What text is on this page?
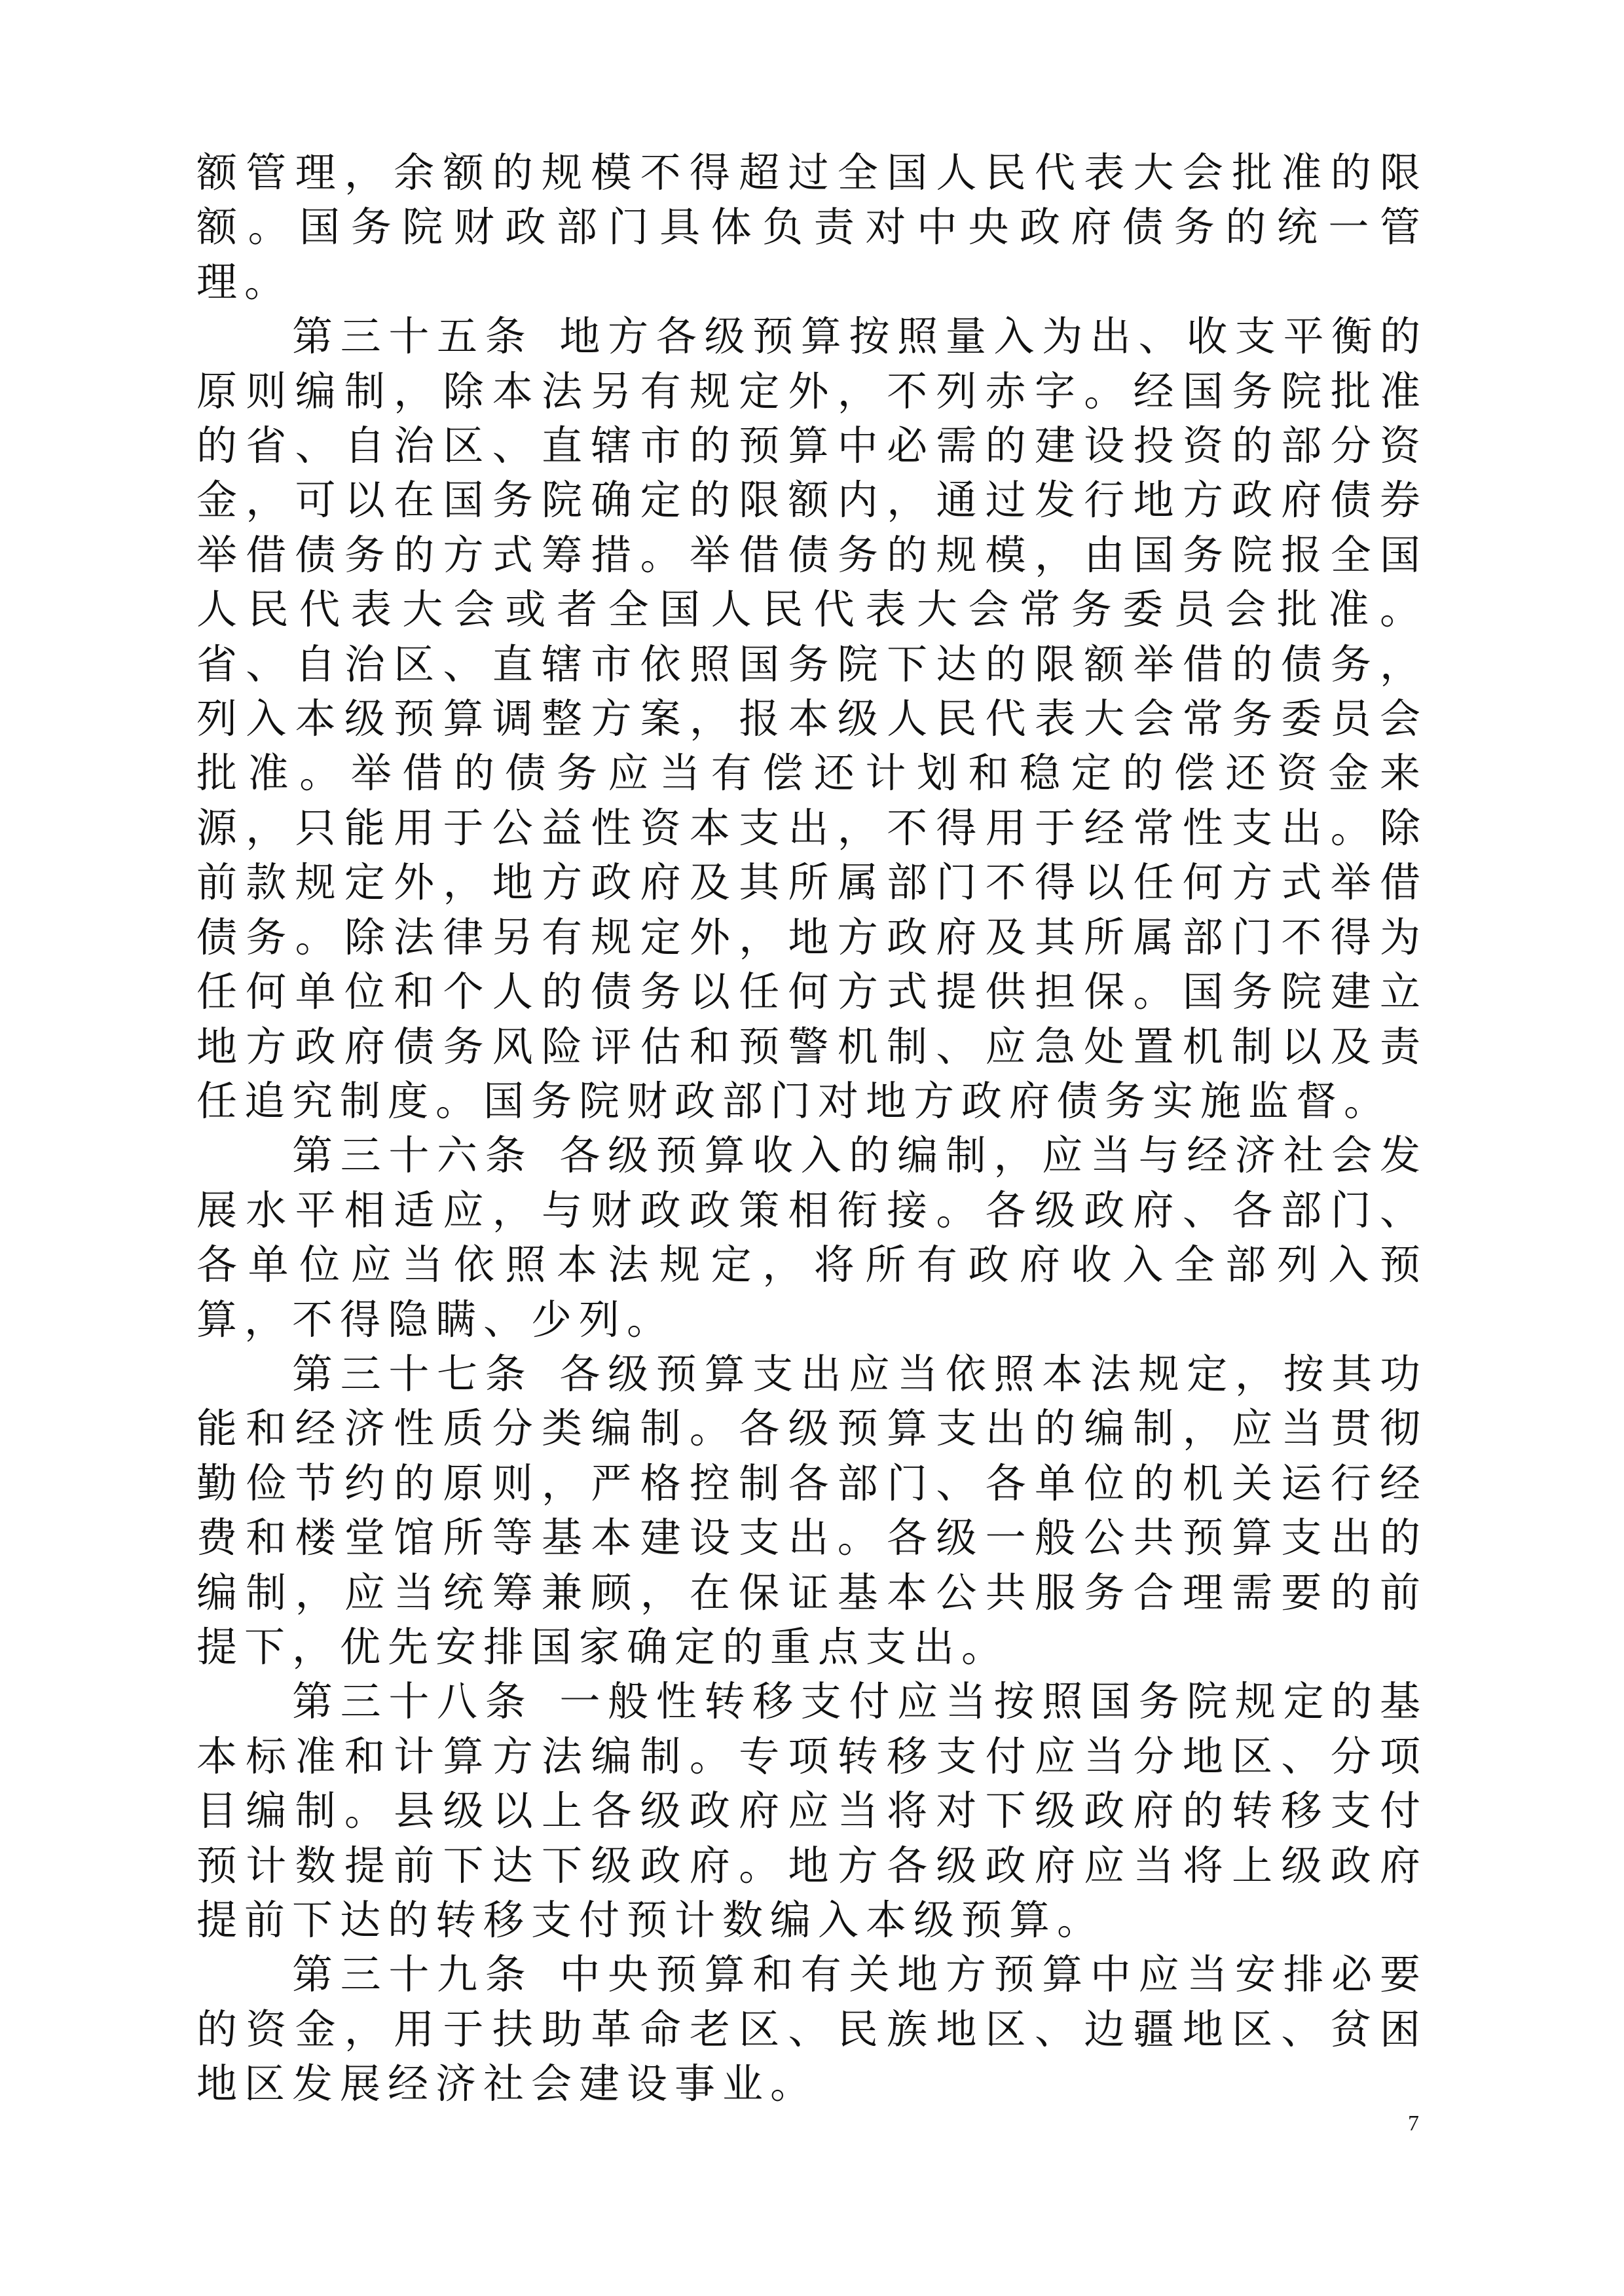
额管理，余额的规模不得超过全国人民代表大会批准的限额。国务院财政部门具体负责对中央政府债务的统一管理。

第三十五条 地方各级预算按照量入为出、收支平衡的原则编制，除本法另有规定外，不列赤字。经国务院批准的省、自治区、直辖市的预算中必需的建设投资的部分资金，可以在国务院确定的限额内，通过发行地方政府债券举借债务的方式筹措。举借债务的规模，由国务院报全国人民代表大会或者全国人民代表大会常务委员会批准。省、自治区、直辖市依照国务院下达的限额举借的债务，列入本级预算调整方案，报本级人民代表大会常务委员会批准。举借的债务应当有偿还计划和稳定的偿还资金来源，只能用于公益性资本支出，不得用于经常性支出。除前款规定外，地方政府及其所属部门不得以任何方式举借债务。除法律另有规定外，地方政府及其所属部门不得为任何单位和个人的债务以任何方式提供担保。国务院建立地方政府债务风险评估和预警机制、应急处置机制以及责任追究制度。国务院财政部门对地方政府债务实施监督。

第三十六条 各级预算收入的编制，应当与经济社会发展水平相适应，与财政政策相衔接。各级政府、各部门、各单位应当依照本法规定，将所有政府收入全部列入预算，不得隐瞒、少列。

第三十七条 各级预算支出应当依照本法规定，按其功能和经济性质分类编制。各级预算支出的编制，应当贯彻勤俭节约的原则，严格控制各部门、各单位的机关运行经费和楼堂馆所等基本建设支出。各级一般公共预算支出的编制，应当统筹兼顾，在保证基本公共服务合理需要的前提下，优先安排国家确定的重点支出。

第三十八条 一般性转移支付应当按照国务院规定的基本标准和计算方法编制。专项转移支付应当分地区、分项目编制。县级以上各级政府应当将对下级政府的转移支付预计数提前下达下级政府。地方各级政府应当将上级政府提前下达的转移支付预计数编入本级预算。

第三十九条 中央预算和有关地方预算中应当安排必要的资金，用于扶助革命老区、民族地区、边疆地区、贫困地区发展经济社会建设事业。

7
